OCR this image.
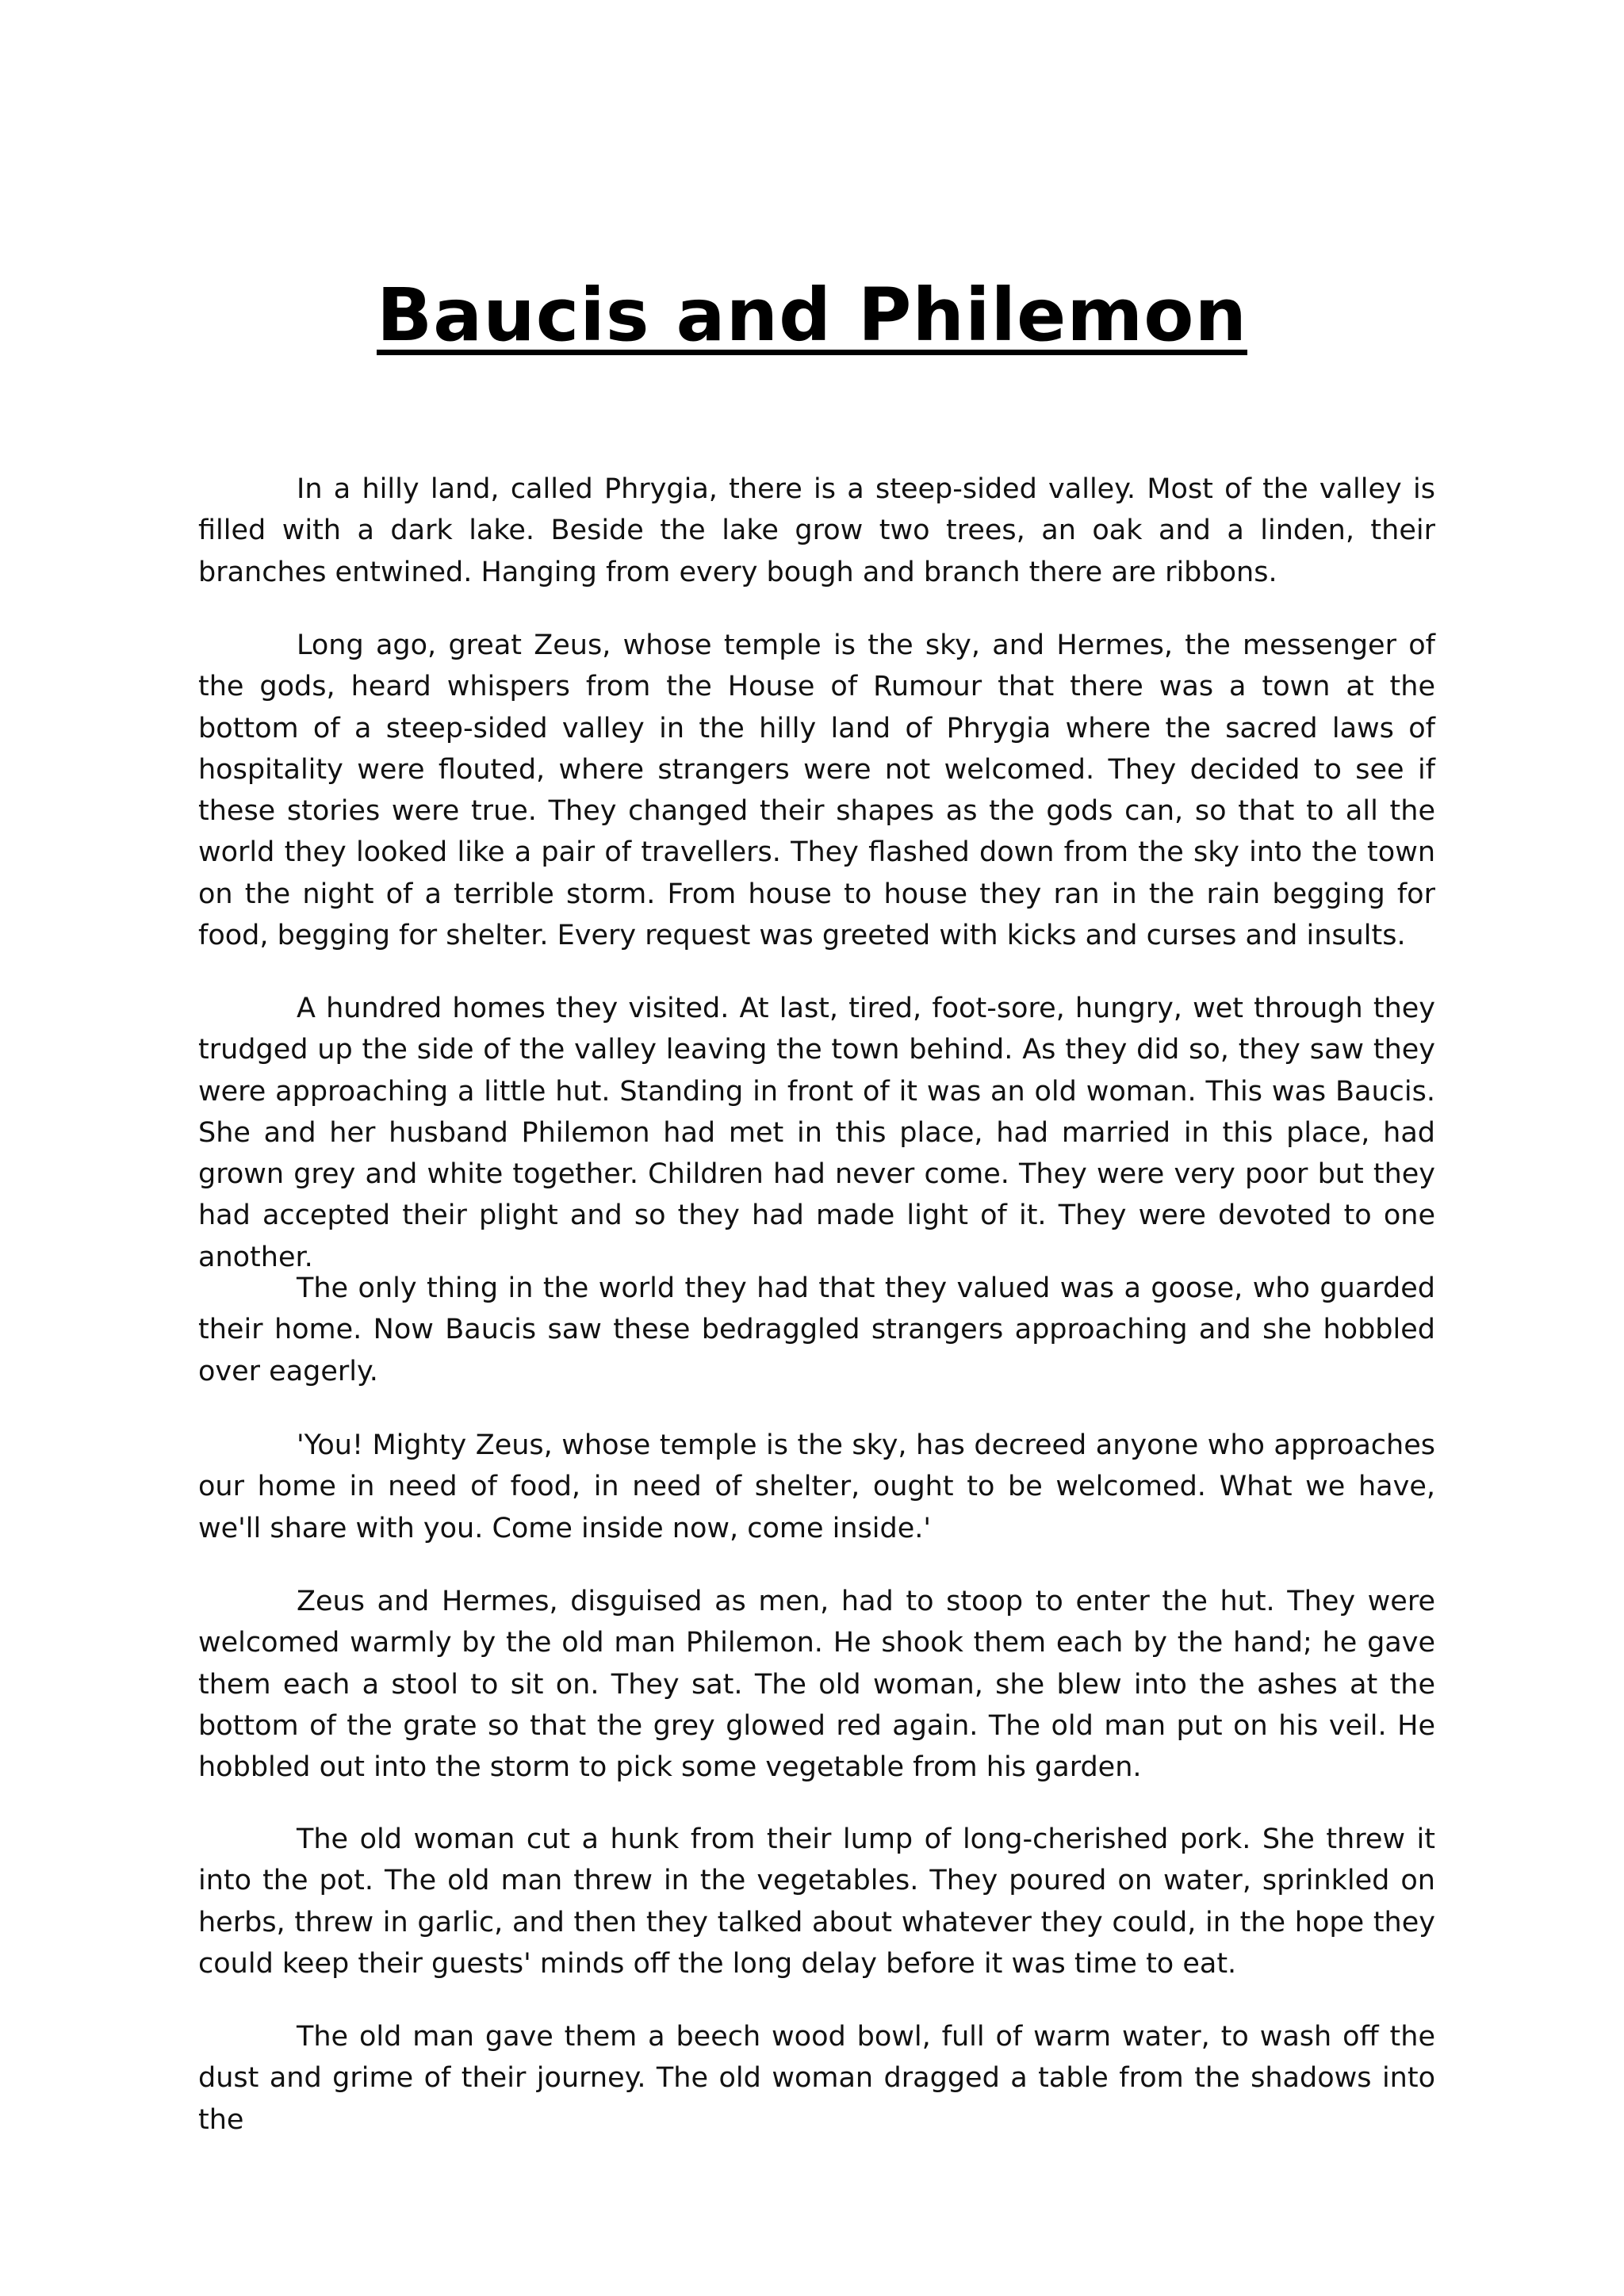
Baucis and Philemon

In a hilly land, called Phrygia, there is a steep-sided valley. Most of the valley is filled with a dark lake. Beside the lake grow two trees, an oak and a linden, their branches entwined. Hanging from every bough and branch there are ribbons.

Long ago, great Zeus, whose temple is the sky, and Hermes, the messenger of the gods, heard whispers from the House of Rumour that there was a town at the bottom of a steep-sided valley in the hilly land of Phrygia where the sacred laws of hospitality were flouted, where strangers were not welcomed. They decided to see if these stories were true. They changed their shapes as the gods can, so that to all the world they looked like a pair of travellers. They flashed down from the sky into the town on the night of a terrible storm. From house to house they ran in the rain begging for food, begging for shelter. Every request was greeted with kicks and curses and insults.

A hundred homes they visited. At last, tired, foot-sore, hungry, wet through they trudged up the side of the valley leaving the town behind. As they did so, they saw they were approaching a little hut. Standing in front of it was an old woman. This was Baucis. She and her husband Philemon had met in this place, had married in this place, had grown grey and white together. Children had never come. They were very poor but they had accepted their plight and so they had made light of it. They were devoted to one another.

The only thing in the world they had that they valued was a goose, who guarded their home. Now Baucis saw these bedraggled strangers approaching and she hobbled over eagerly.

'You! Mighty Zeus, whose temple is the sky, has decreed anyone who approaches our home in need of food, in need of shelter, ought to be welcomed. What we have, we'll share with you. Come inside now, come inside.'

Zeus and Hermes, disguised as men, had to stoop to enter the hut. They were welcomed warmly by the old man Philemon. He shook them each by the hand; he gave them each a stool to sit on. They sat. The old woman, she blew into the ashes at the bottom of the grate so that the grey glowed red again. The old man put on his veil. He hobbled out into the storm to pick some vegetable from his garden.

The old woman cut a hunk from their lump of long-cherished pork. She threw it into the pot. The old man threw in the vegetables. They poured on water, sprinkled on herbs, threw in garlic, and then they talked about whatever they could, in the hope they could keep their guests' minds off the long delay before it was time to eat.

The old man gave them a beech wood bowl, full of warm water, to wash off the dust and grime of their journey. The old woman dragged a table from the shadows into the
